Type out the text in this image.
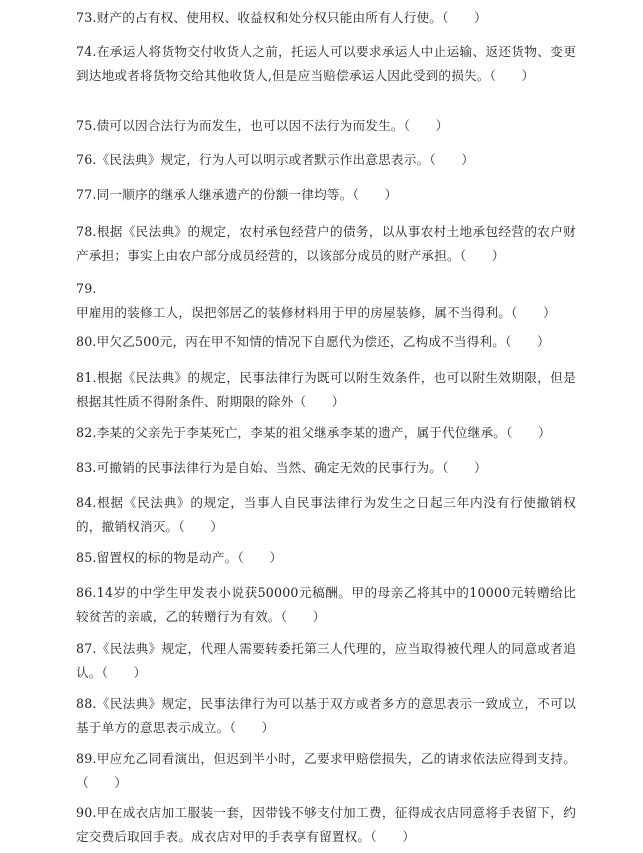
73.财产的占有权、使用权、收益权和处分权只能由所有人行使。（　　）
74.在承运人将货物交付收货人之前，托运人可以要求承运人中止运输、返还货物、变更到达地或者将货物交给其他收货人,但是应当赔偿承运人因此受到的损失。（　　）
75.债可以因合法行为而发生，也可以因不法行为而发生。（　　）
76.《民法典》规定，行为人可以明示或者默示作出意思表示。（　　）
77.同一顺序的继承人继承遗产的份额一律均等。（　　）
78.根据《民法典》的规定，农村承包经营户的债务，以从事农村土地承包经营的农户财产承担；事实上由农户部分成员经营的，以该部分成员的财产承担。（　　）
79.甲雇用的装修工人，误把邻居乙的装修材料用于甲的房屋装修，属不当得利。（　　）
80.甲欠乙500元，丙在甲不知情的情况下自愿代为偿还，乙构成不当得利。（　　）
81.根据《民法典》的规定，民事法律行为既可以附生效条件，也可以附生效期限，但是根据其性质不得附条件、附期限的除外（　　）
82.李某的父亲先于李某死亡，李某的祖父继承李某的遗产，属于代位继承。（　　）
83.可撤销的民事法律行为是自始、当然、确定无效的民事行为。（　　）
84.根据《民法典》的规定，当事人自民事法律行为发生之日起三年内没有行使撤销权的，撤销权消灭。（　　）
85.留置权的标的物是动产。（　　）
86.14岁的中学生甲发表小说获50000元稿酬。甲的母亲乙将其中的10000元转赠给比较贫苦的亲戚，乙的转赠行为有效。（　　）
87.《民法典》规定，代理人需要转委托第三人代理的，应当取得被代理人的同意或者追认。（　　）
88.《民法典》规定，民事法律行为可以基于双方或者多方的意思表示一致成立，不可以基于单方的意思表示成立。（　　）
89.甲应允乙同看演出，但迟到半小时，乙要求甲赔偿损失，乙的请求依法应得到支持。（　　）
90.甲在成衣店加工服装一套，因带钱不够支付加工费，征得成衣店同意将手表留下，约定交费后取回手表。成衣店对甲的手表享有留置权。（　　）
